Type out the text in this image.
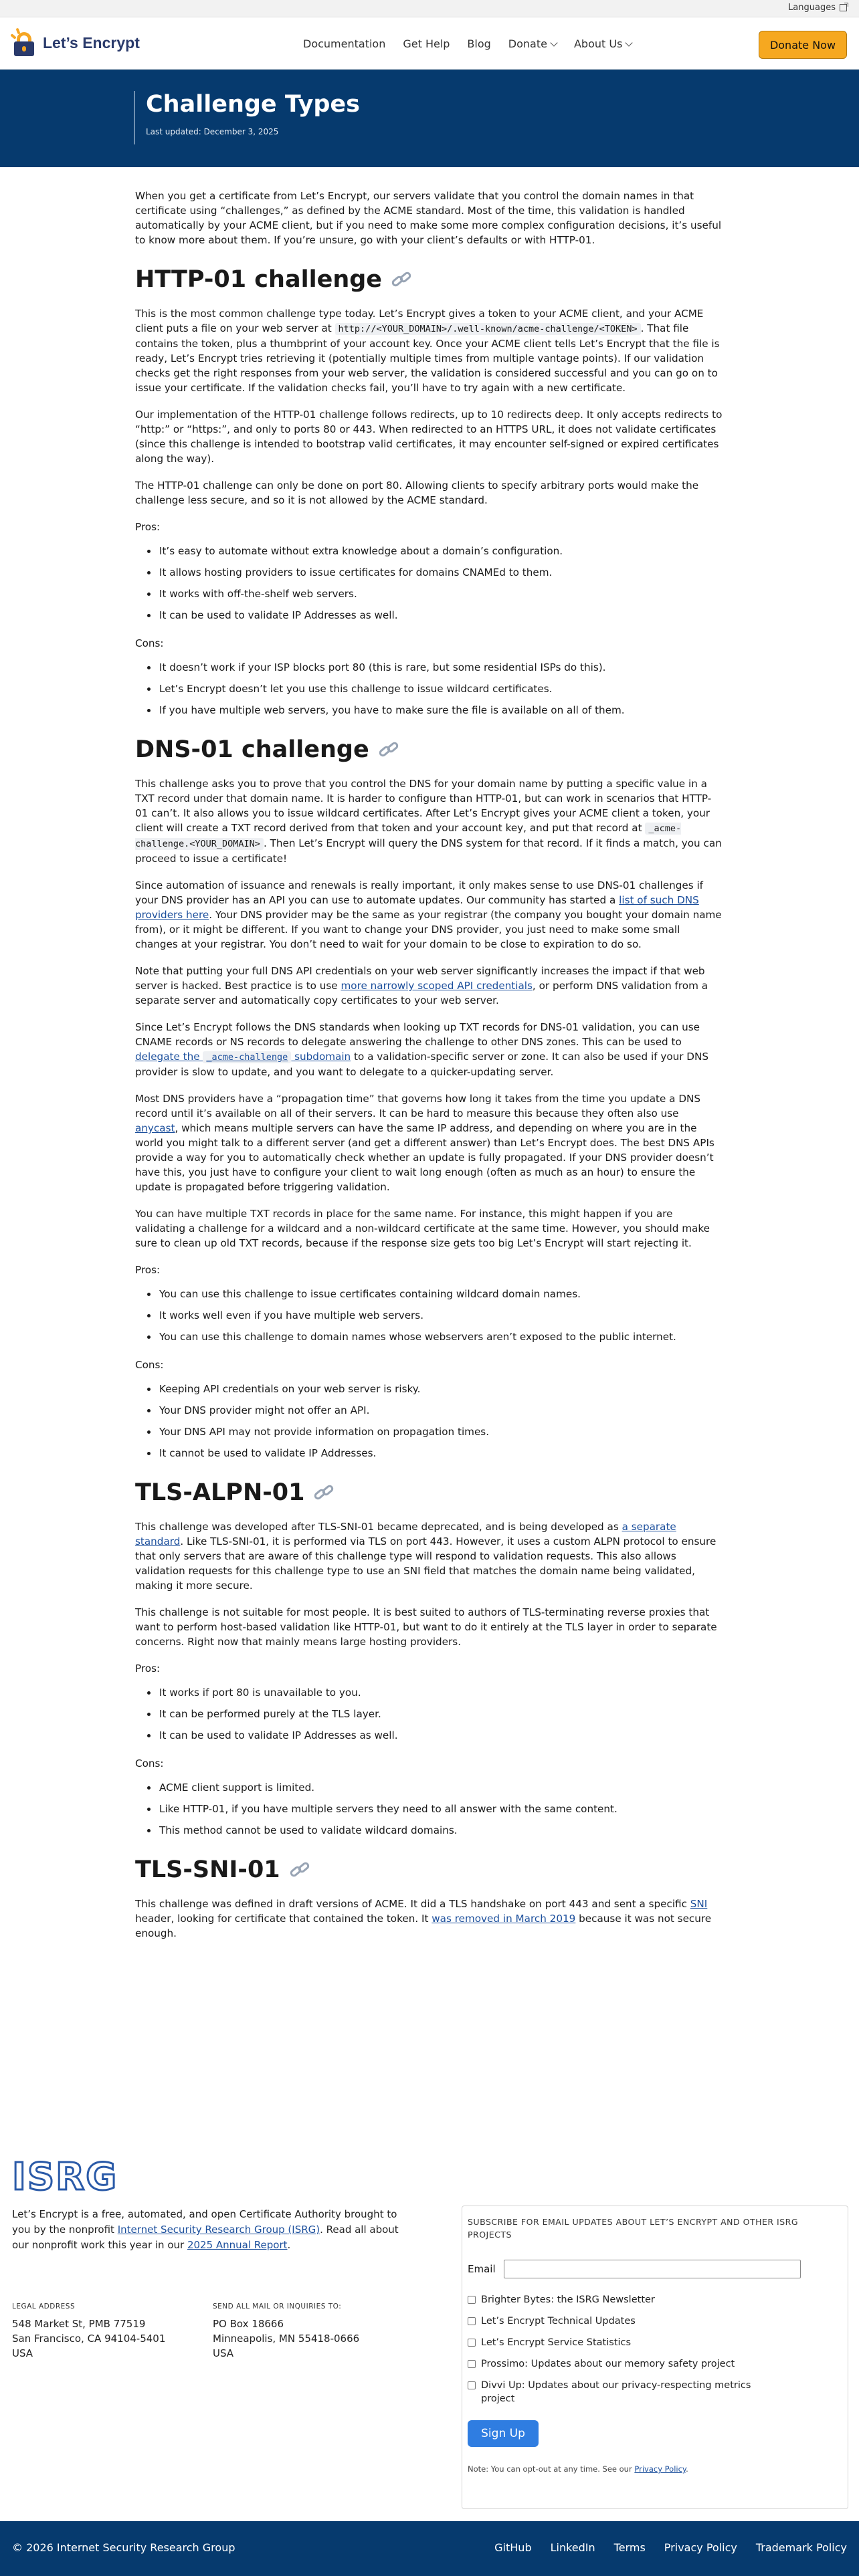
Languages
Let’s Encrypt	Documentation Get Help Blog Donate	About Us	Donate Now
Challenge Types
Last updated: December 3, 2025

When you get a certificate from Let’s Encrypt, our servers validate that you control the domain names in that certificate using “challenges,” as defined by the ACME standard. Most of the time, this validation is handled automatically by your ACME client, but if you need to make some more complex configuration decisions, it’s useful to know more about them. If you’re unsure, go with your client’s defaults or with HTTP-01.

HTTP-01 challenge

This is the most common challenge type today. Let’s Encrypt gives a token to your ACME client, and your ACME client puts a file on your web server at http://<YOUR_DOMAIN>/.well-known/acme-challenge/<TOKEN> . That file contains the token, plus a thumbprint of your account key. Once your ACME client tells Let’s Encrypt that the file is ready, Let’s Encrypt tries retrieving it (potentially multiple times from multiple vantage points). If our validation checks get the right responses from your web server, the validation is considered successful and you can go on to issue your certificate. If the validation checks fail, you’ll have to try again with a new certificate.

Our implementation of the HTTP-01 challenge follows redirects, up to 10 redirects deep. It only accepts redirects to “http:” or “https:”, and only to ports 80 or 443. When redirected to an HTTPS URL, it does not validate certificates (since this challenge is intended to bootstrap valid certificates, it may encounter self-signed or expired certificates along the way).

The HTTP-01 challenge can only be done on port 80. Allowing clients to specify arbitrary ports would make the challenge less secure, and so it is not allowed by the ACME standard.

Pros:

It’s easy to automate without extra knowledge about a domain’s configuration.
It allows hosting providers to issue certificates for domains CNAMEd to them.
It works with off-the-shelf web servers.
It can be used to validate IP Addresses as well.

Cons:

It doesn’t work if your ISP blocks port 80 (this is rare, but some residential ISPs do this).
Let’s Encrypt doesn’t let you use this challenge to issue wildcard certificates.
If you have multiple web servers, you have to make sure the file is available on all of them.
DNS-01 challenge

This challenge asks you to prove that you control the DNS for your domain name by putting a specific value in a TXT record under that domain name. It is harder to configure than HTTP-01, but can work in scenarios that HTTP-01 can’t. It also allows you to issue wildcard certificates. After Let’s Encrypt gives your ACME client a token, your client will create a TXT record derived from that token and your account key, and put that record at _acme-challenge.<YOUR_DOMAIN> . Then Let’s Encrypt will query the DNS system for that record. If it finds a match, you can proceed to issue a certificate!

Since automation of issuance and renewals is really important, it only makes sense to use DNS-01 challenges if your DNS provider has an API you can use to automate updates. Our community has started a list of such DNS providers here. Your DNS provider may be the same as your registrar (the company you bought your domain name from), or it might be different. If you want to change your DNS provider, you just need to make some small changes at your registrar. You don’t need to wait for your domain to be close to expiration to do so.

Note that putting your full DNS API credentials on your web server significantly increases the impact if that web server is hacked. Best practice is to use more narrowly scoped API credentials, or perform DNS validation from a separate server and automatically copy certificates to your web server.

Since Let’s Encrypt follows the DNS standards when looking up TXT records for DNS-01 validation, you can use CNAME records or NS records to delegate answering the challenge to other DNS zones. This can be used to delegate the _acme-challenge subdomain to a validation-specific server or zone. It can also be used if your DNS provider is slow to update, and you want to delegate to a quicker-updating server.

Most DNS providers have a “propagation time” that governs how long it takes from the time you update a DNS record until it’s available on all of their servers. It can be hard to measure this because they often also use anycast, which means multiple servers can have the same IP address, and depending on where you are in the world you might talk to a different server (and get a different answer) than Let’s Encrypt does. The best DNS APIs provide a way for you to automatically check whether an update is fully propagated. If your DNS provider doesn’t have this, you just have to configure your client to wait long enough (often as much as an hour) to ensure the update is propagated before triggering validation.

You can have multiple TXT records in place for the same name. For instance, this might happen if you are validating a challenge for a wildcard and a non-wildcard certificate at the same time. However, you should make sure to clean up old TXT records, because if the response size gets too big Let’s Encrypt will start rejecting it.

Pros:

You can use this challenge to issue certificates containing wildcard domain names.
It works well even if you have multiple web servers.
You can use this challenge to domain names whose webservers aren’t exposed to the public internet.

Cons:

Keeping API credentials on your web server is risky.
Your DNS provider might not offer an API.
Your DNS API may not provide information on propagation times.
It cannot be used to validate IP Addresses.
TLS-ALPN-01

This challenge was developed after TLS-SNI-01 became deprecated, and is being developed as a separate standard. Like TLS-SNI-01, it is performed via TLS on port 443. However, it uses a custom ALPN protocol to ensure that only servers that are aware of this challenge type will respond to validation requests. This also allows validation requests for this challenge type to use an SNI field that matches the domain name being validated, making it more secure.

This challenge is not suitable for most people. It is best suited to authors of TLS-terminating reverse proxies that want to perform host-based validation like HTTP-01, but want to do it entirely at the TLS layer in order to separate concerns. Right now that mainly means large hosting providers.

Pros:

It works if port 80 is unavailable to you.
It can be performed purely at the TLS layer.
It can be used to validate IP Addresses as well.

Cons:

ACME client support is limited.
Like HTTP-01, if you have multiple servers they need to all answer with the same content.
This method cannot be used to validate wildcard domains.
TLS-SNI-01

This challenge was defined in draft versions of ACME. It did a TLS handshake on port 443 and sent a specific SNI header, looking for certificate that contained the token. It was removed in March 2019 because it was not secure enough.

ISRG
Let’s Encrypt is a free, automated, and open Certificate Authority brought to you by the nonprofit Internet Security Research Group (ISRG). Read all about our nonprofit work this year in our 2025 Annual Report.
LEGAL ADDRESS
548 Market St, PMB 77519
San Francisco, CA 94104-5401
USA
SEND ALL MAIL OR INQUIRIES TO:
PO Box 18666
Minneapolis, MN 55418-0666
USA
SUBSCRIBE FOR EMAIL UPDATES ABOUT LET’S ENCRYPT AND OTHER ISRG PROJECTS
Email
Brighter Bytes: the ISRG Newsletter
Let’s Encrypt Technical Updates
Let’s Encrypt Service Statistics
Prossimo: Updates about our memory safety project
Divvi Up: Updates about our privacy-respecting metrics project
Sign Up
Note: You can opt-out at any time. See our Privacy Policy.
© 2026 Internet Security Research Group	GitHub LinkedIn Terms Privacy Policy Trademark Policy
